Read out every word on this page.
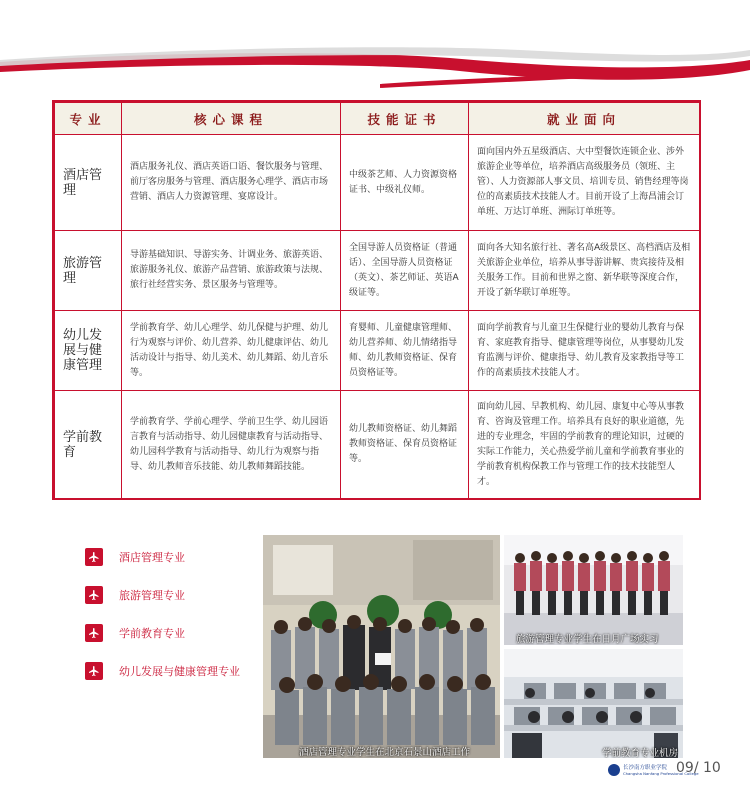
专业	核心课程	技能证书	就业面向
酒店管理	酒店服务礼仪、酒店英语口语、餐饮服务与管理、前厅客房服务与管理、酒店服务心理学、酒店市场营销、酒店人力资源管理、宴席设计。	中级茶艺师、人力资源资格证书、中级礼仪师。	面向国内外五星级酒店、大中型餐饮连锁企业、涉外旅游企业等单位，培养酒店高级服务员（领班、主管）、人力资源部人事文员、培训专员、销售经理等岗位的高素质技术技能人才。目前开设了上海昌浦会订单班、万达订单班、洲际订单班等。
旅游管理	导游基础知识、导游实务、计调业务、旅游英语、旅游服务礼仪、旅游产品营销、旅游政策与法规、旅行社经营实务、景区服务与管理等。	全国导游人员资格证（普通话）、全国导游人员资格证（英文）、茶艺师证、英语A级证等。	面向各大知名旅行社、著名高A级景区、高档酒店及相关旅游企业单位，培养从事导游讲解、贵宾接待及相关服务工作。目前和世界之窗、新华联等深度合作，开设了新华联订单班等。
幼儿发展与健康管理	学前教育学、幼儿心理学、幼儿保健与护理、幼儿行为观察与评价、幼儿营养、幼儿健康评估、幼儿活动设计与指导、幼儿美术、幼儿舞蹈、幼儿音乐等。	育婴师、儿童健康管理师、幼儿营养师、幼儿情绪指导师、幼儿教师资格证、保育员资格证等。	面向学前教育与儿童卫生保健行业的婴幼儿教育与保育、家庭教育指导、健康管理等岗位，从事婴幼儿发育监测与评价、健康指导、幼儿教育及家教指导等工作的高素质技术技能人才。
学前教育	学前教育学、学前心理学、学前卫生学、幼儿园语言教育与活动指导、幼儿园健康教育与活动指导、幼儿园科学教育与活动指导、幼儿行为观察与指导、幼儿教师音乐技能、幼儿教师舞蹈技能。	幼儿教师资格证、幼儿舞蹈教师资格证、保育员资格证等。	面向幼儿园、早教机构、幼儿园、康复中心等从事教育、咨询及管理工作。培养具有良好的职业道德，先进的专业理念，牢固的学前教育的理论知识，过硬的实际工作能力，关心热爱学前儿童和学前教育事业的学前教育机构保教工作与管理工作的技术技能型人才。
酒店管理专业
旅游管理专业
学前教育专业
幼儿发展与健康管理专业
酒店管理专业学生在北京石景山酒店工作
旅游管理专业学生在日月广场实习
学前教育专业机房
长沙南方职业学院
Changsha Nanfang Professional College
09/ 10
